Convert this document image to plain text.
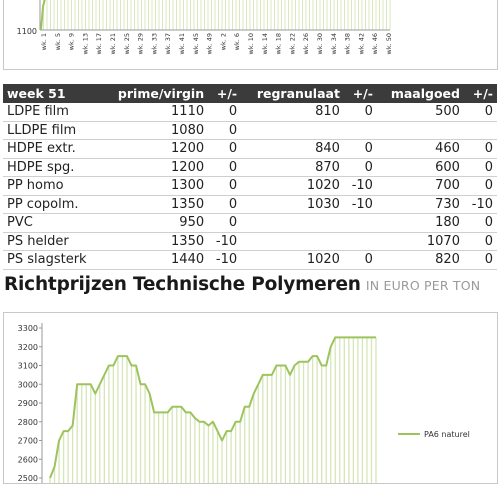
1100
wk. 1 wk. 5 wk. 9 wk. 13 wk. 17 wk. 21 wk. 25 wk. 29 wk. 33 wk. 37 wk. 41 wk. 45 wk. 49 wk. 2 wk. 6 wk. 10 wk. 14 wk. 18 wk. 22 wk. 26 wk. 30 wk. 34 wk. 38 wk. 42 wk. 46 wk. 50
week 51	prime/virgin	+/-	regranulaat	+/-	maalgoed	+/-
LDPE film	1110	0	810	0	500	0
LLDPE film	1080	0				
HDPE extr.	1200	0	840	0	460	0
HDPE spg.	1200	0	870	0	600	0
PP homo	1300	0	1020	-10	700	0
PP copolm.	1350	0	1030	-10	730	-10
PVC	950	0			180	0
PS helder	1350	-10			1070	0
PS slagsterk	1440	-10	1020	0	820	0
Richtprijzen Technische Polymeren IN EURO PER TON
3300
3200
3100
3000
2900
2800
2700
2600
2500
PA6 naturel
